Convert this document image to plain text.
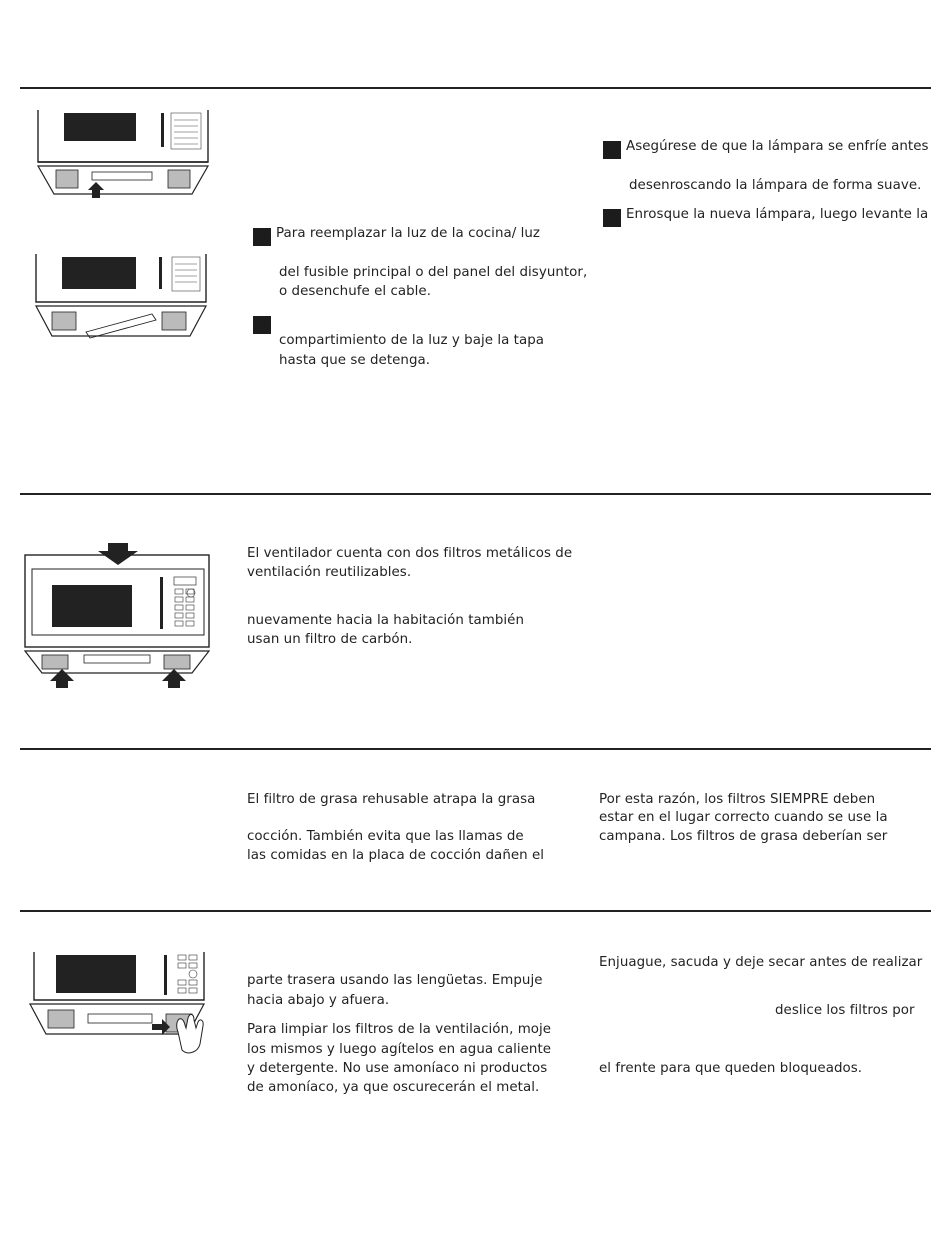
Para reemplazar la luz de la cocina/ luz
del fusible principal o del panel del disyuntor,
o desenchufe el cable.
compartimiento de la luz y baje la tapa
hasta que se detenga.
Asegúrese de que la lámpara se enfríe antes
desenroscando la lámpara de forma suave.
Enrosque la nueva lámpara, luego levante la
El ventilador cuenta con dos filtros metálicos de
ventilación reutilizables.
nuevamente hacia la habitación también
usan un filtro de carbón.
El filtro de grasa rehusable atrapa la grasa
cocción. También evita que las llamas de
las comidas en la placa de cocción dañen el
Por esta razón, los filtros SIEMPRE deben
estar en el lugar correcto cuando se use la
campana. Los filtros de grasa deberían ser
parte trasera usando las lengüetas. Empuje
hacia abajo y afuera.
Para limpiar los filtros de la ventilación, moje
los mismos y luego agítelos en agua caliente
y detergente. No use amoníaco ni productos
de amoníaco, ya que oscurecerán el metal.
Enjuague, sacuda y deje secar antes de realizar
deslice los filtros por
el frente para que queden bloqueados.
